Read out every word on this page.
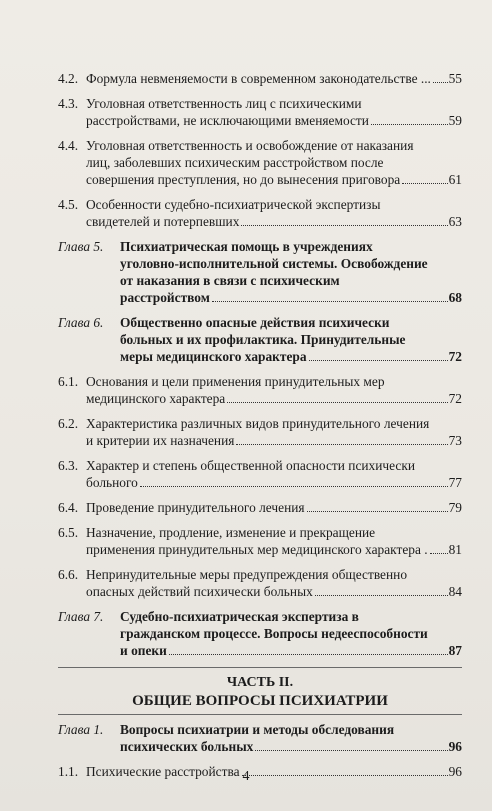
4.2. Формула невменяемости в современном законодательстве ... 55
4.3. Уголовная ответственность лиц с психическими
расстройствами, не исключающими вменяемости	59
4.4. Уголовная ответственность и освобождение от наказания
лиц, заболевших психическим расстройством после
совершения преступления, но до вынесения приговора	61
4.5. Особенности судебно-психиатрической экспертизы
свидетелей и потерпевших	63
Глава 5. Психиатрическая помощь в учреждениях
уголовно-исполнительной системы. Освобождение
от наказания в связи с психическим
расстройством	68
Глава 6. Общественно опасные действия психически
больных и их профилактика. Принудительные
меры медицинского характера	72
6.1. Основания и цели применения принудительных мер
медицинского характера	72
6.2. Характеристика различных видов принудительного лечения
и критерии их назначения	73
6.3. Характер и степень общественной опасности психически
больного	77
6.4. Проведение принудительного лечения	79
6.5. Назначение, продление, изменение и прекращение
применения принудительных мер медицинского характера . 81
6.6. Непринудительные меры предупреждения общественно
опасных действий психически больных	84
Глава 7. Судебно-психиатрическая экспертиза в
гражданском процессе. Вопросы недееспособности
и опеки	87
ЧАСТЬ II.
ОБЩИЕ ВОПРОСЫ ПСИХИАТРИИ
Глава 1. Вопросы психиатрии и методы обследования
психических больных	96
1.1. Психические расстройства	96
4
